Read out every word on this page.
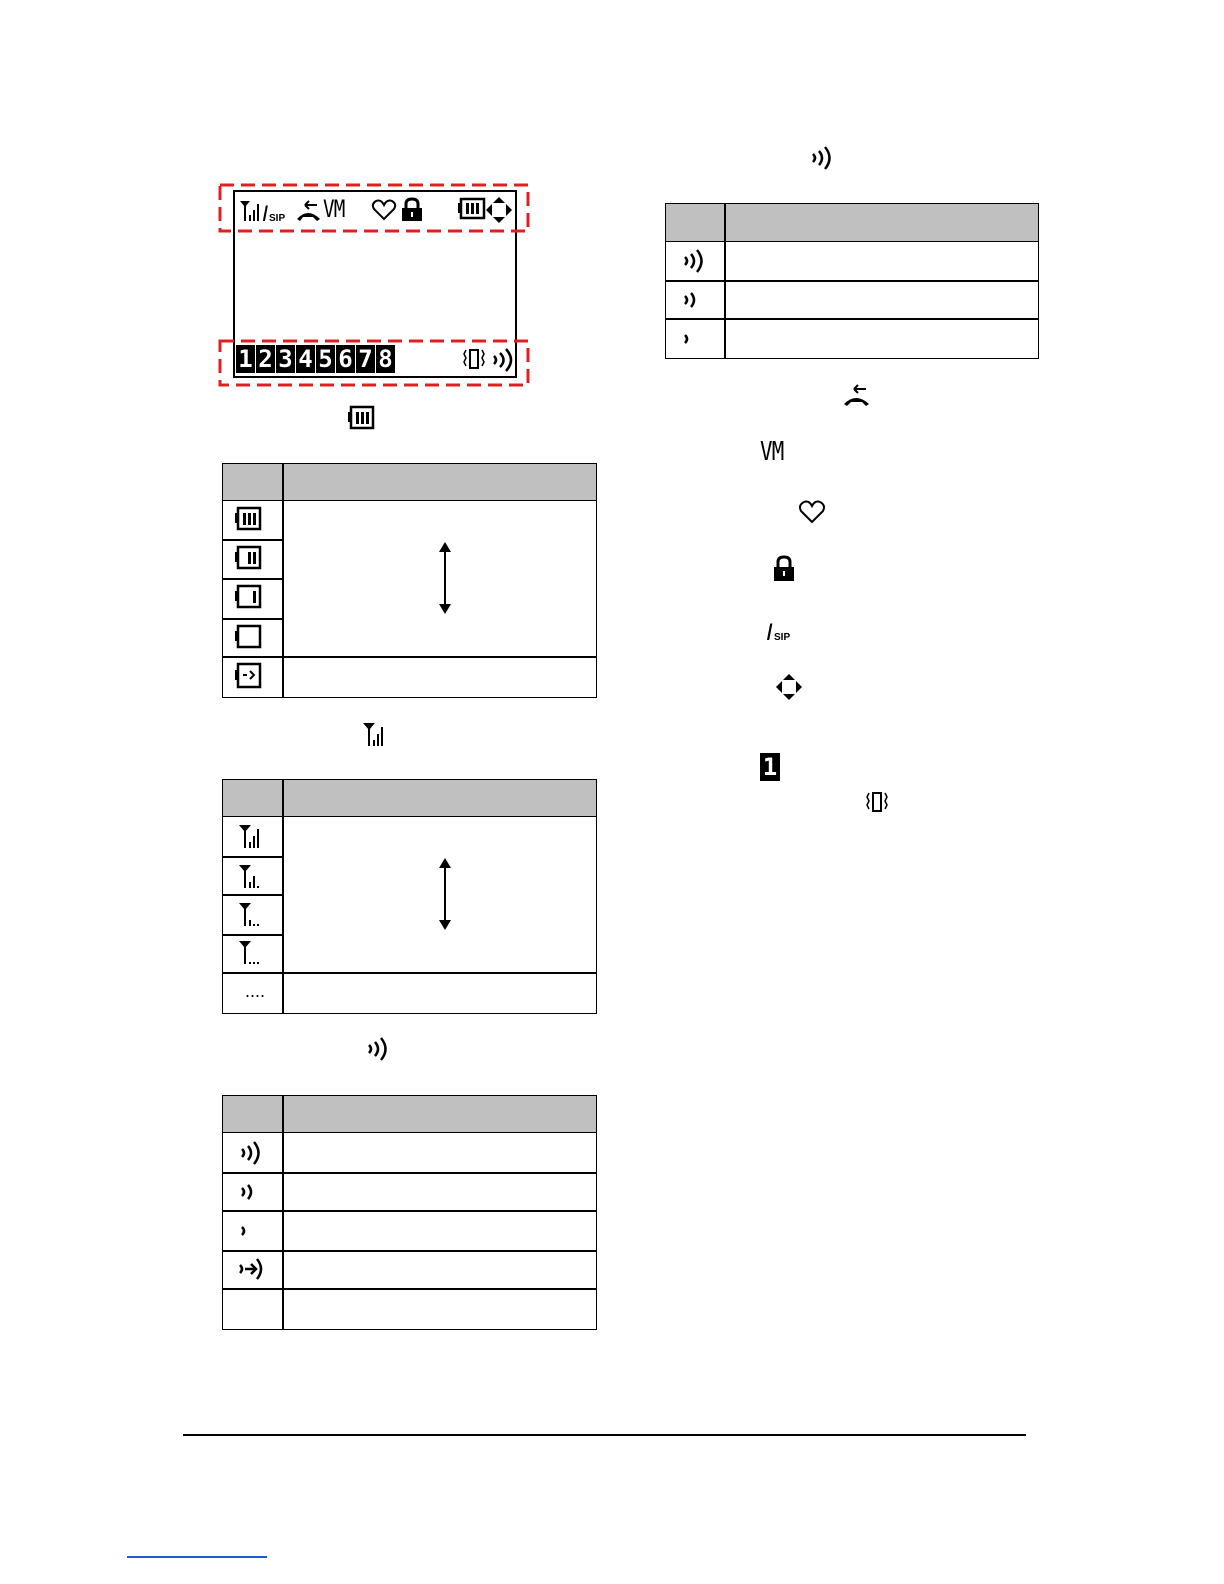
I SIP VM
1 2 3 4 5 6 7 8
....
VM
I SIP
1
